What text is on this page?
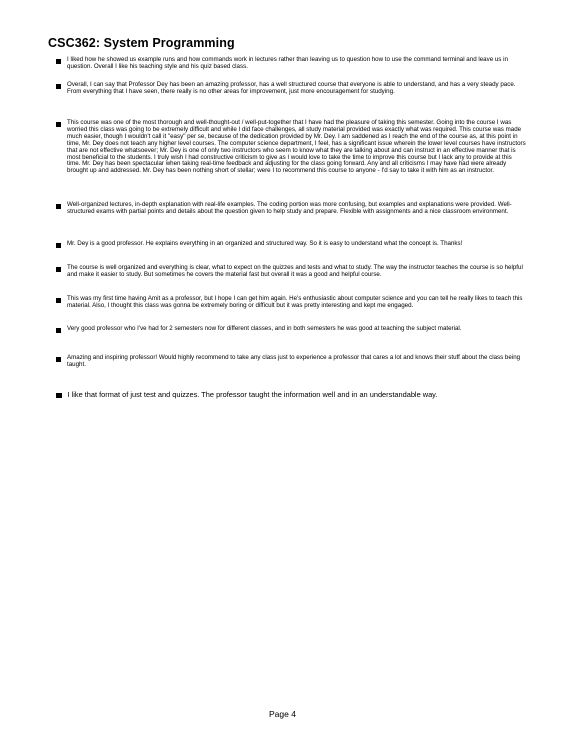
CSC362: System Programming

I liked how he showed us example runs and how commands work in lectures rather than leaving us to question how to use the command terminal and leave us in question. Overall I like his teaching style and his quiz based class.

Overall, I can say that Professor Dey has been an amazing professor, has a well structured course that everyone is able to understand, and has a very steady pace. From everything that I have seen, there really is no other areas for improvement, just more encouragement for studying.

This course was one of the most thorough and well-thought-out / well-put-together that I have had the pleasure of taking this semester. Going into the course I was worried this class was going to be extremely difficult and while I did face challenges, all study material provided was exactly what was required. This course was made much easier, though I wouldn't call it "easy" per se, because of the dedication provided by Mr. Dey. I am saddened as I reach the end of the course as, at this point in time, Mr. Dey does not teach any higher level courses. The computer science department, I feel, has a significant issue wherein the lower level courses have instructors that are not effective whatsoever; Mr. Dey is one of only two instructors who seem to know what they are talking about and can instruct in an effective manner that is most beneficial to the students. I truly wish I had constructive criticism to give as I would love to take the time to improve this course but I lack any to provide at this time. Mr. Dey has been spectacular when taking real-time feedback and adjusting for the class going forward. Any and all criticisms I may have had were already brought up and addressed. Mr. Dey has been nothing short of stellar; were I to recommend this course to anyone - I'd say to take it with him as an instructor.

Well-organized lectures, in-depth explanation with real-life examples. The coding portion was more confusing, but examples and explanations were provided. Well-structured exams with partial points and details about the question given to help study and prepare. Flexible with assignments and a nice classroom environment.

Mr. Dey is a good professor. He explains everything in an organized and structured way. So it is easy to understand what the concept is. Thanks!

The course is well organized and everything is clear, what to expect on the quizzes and tests and what to study. The way the instructor teaches the course is so helpful and make it easier to study. But sometimes he covers the material fast but overall it was a good and helpful course.

This was my first time having Amit as a professor, but I hope I can get him again. He's enthusiastic about computer science and you can tell he really likes to teach this material. Also, I thought this class was gonna be extremely boring or difficult but it was pretty interesting and kept me engaged.

Very good professor who I've had for 2 semesters now for different classes, and in both semesters he was good at teaching the subject material.

Amazing and inspiring professor! Would highly recommend to take any class just to experience a professor that cares a lot and knows their stuff about the class being taught.

I like that format of just test and quizzes. The professor taught the information well and in an understandable way.

Page 4
